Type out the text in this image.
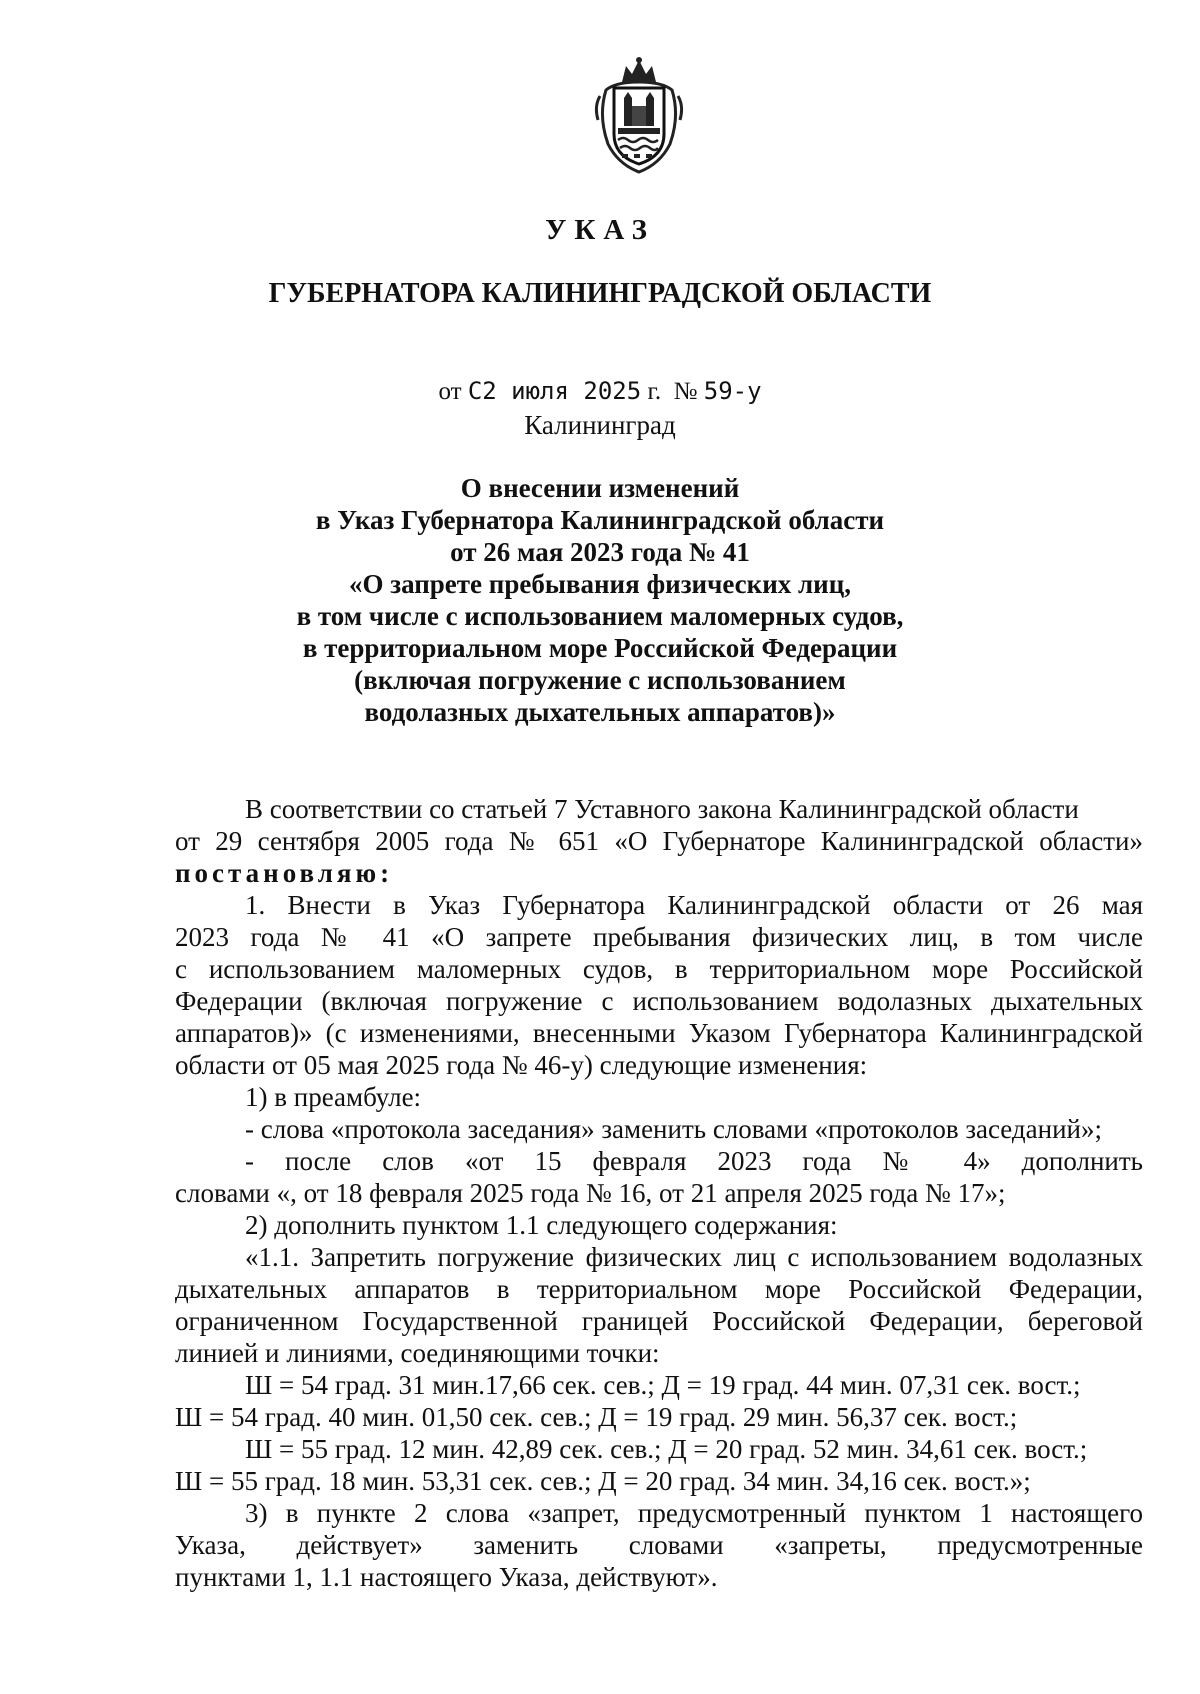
УКАЗ
ГУБЕРНАТОРА КАЛИНИНГРАДСКОЙ ОБЛАСТИ
от С2 июля 2025 г. № 59-у
Калининград
О внесении изменений
в Указ Губернатора Калининградской области
от 26 мая 2023 года № 41
«О запрете пребывания физических лиц,
в том числе с использованием маломерных судов,
в территориальном море Российской Федерации
(включая погружение с использованием
водолазных дыхательных аппаратов)»
В соответствии со статьей 7 Уставного закона Калининградской области
от 29 сентября 2005 года № 651 «О Губернаторе Калининградской области»
постановляю:
1. Внести в Указ Губернатора Калининградской области от 26 мая
2023 года № 41 «О запрете пребывания физических лиц, в том числе
с использованием маломерных судов, в территориальном море Российской
Федерации (включая погружение с использованием водолазных дыхательных
аппаратов)» (с изменениями, внесенными Указом Губернатора Калининградской
области от 05 мая 2025 года № 46-у) следующие изменения:
1) в преамбуле:
- слова «протокола заседания» заменить словами «протоколов заседаний»;
- после слов «от 15 февраля 2023 года № 4» дополнить
словами «, от 18 февраля 2025 года № 16, от 21 апреля 2025 года № 17»;
2) дополнить пунктом 1.1 следующего содержания:
«1.1. Запретить погружение физических лиц с использованием водолазных
дыхательных аппаратов в территориальном море Российской Федерации,
ограниченном Государственной границей Российской Федерации, береговой
линией и линиями, соединяющими точки:
Ш = 54 град. 31 мин.17,66 сек. сев.; Д = 19 град. 44 мин. 07,31 сек. вост.;
Ш = 54 град. 40 мин. 01,50 сек. сев.; Д = 19 град. 29 мин. 56,37 сек. вост.;
Ш = 55 град. 12 мин. 42,89 сек. сев.; Д = 20 град. 52 мин. 34,61 сек. вост.;
Ш = 55 град. 18 мин. 53,31 сек. сев.; Д = 20 град. 34 мин. 34,16 сек. вост.»;
3) в пункте 2 слова «запрет, предусмотренный пунктом 1 настоящего
Указа, действует» заменить словами «запреты, предусмотренные
пунктами 1, 1.1 настоящего Указа, действуют».
